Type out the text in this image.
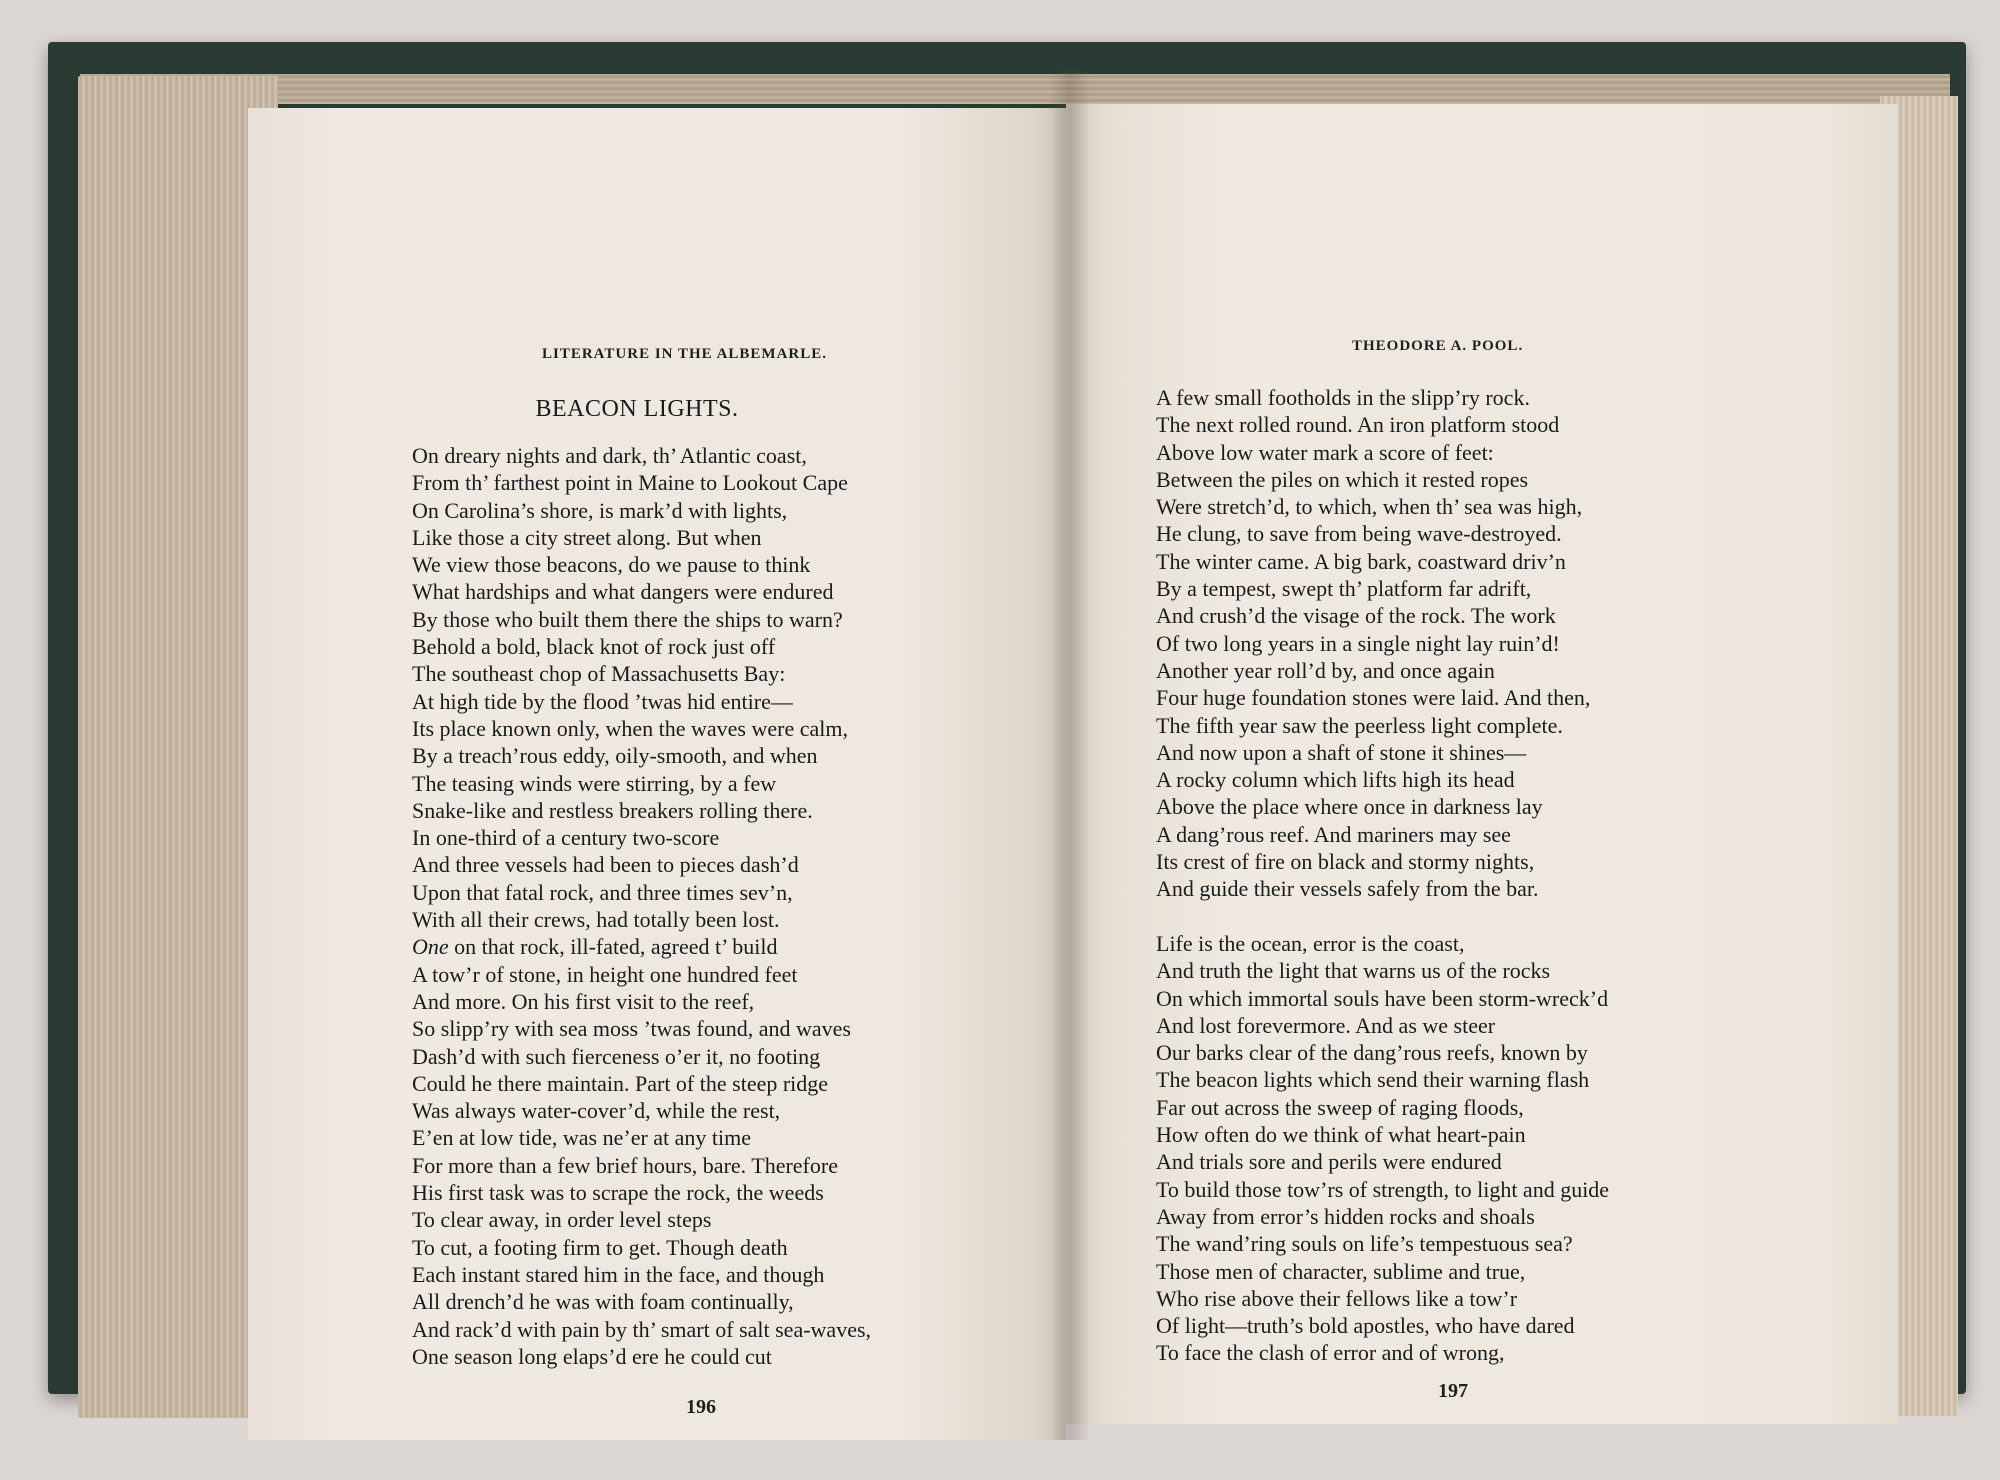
LITERATURE IN THE ALBEMARLE.
BEACON LIGHTS.
On dreary nights and dark, th’ Atlantic coast,
From th’ farthest point in Maine to Lookout Cape
On Carolina’s shore, is mark’d with lights,
Like those a city street along. But when
We view those beacons, do we pause to think
What hardships and what dangers were endured
By those who built them there the ships to warn?
Behold a bold, black knot of rock just off
The southeast chop of Massachusetts Bay:
At high tide by the flood ’twas hid entire—
Its place known only, when the waves were calm,
By a treach’rous eddy, oily-smooth, and when
The teasing winds were stirring, by a few
Snake-like and restless breakers rolling there.
In one-third of a century two-score
And three vessels had been to pieces dash’d
Upon that fatal rock, and three times sev’n,
With all their crews, had totally been lost.
One on that rock, ill-fated, agreed t’ build
A tow’r of stone, in height one hundred feet
And more. On his first visit to the reef,
So slipp’ry with sea moss ’twas found, and waves
Dash’d with such fierceness o’er it, no footing
Could he there maintain. Part of the steep ridge
Was always water-cover’d, while the rest,
E’en at low tide, was ne’er at any time
For more than a few brief hours, bare. Therefore
His first task was to scrape the rock, the weeds
To clear away, in order level steps
To cut, a footing firm to get. Though death
Each instant stared him in the face, and though
All drench’d he was with foam continually,
And rack’d with pain by th’ smart of salt sea-waves,
One season long elaps’d ere he could cut
196
THEODORE A. POOL.
A few small footholds in the slipp’ry rock.
The next rolled round. An iron platform stood
Above low water mark a score of feet:
Between the piles on which it rested ropes
Were stretch’d, to which, when th’ sea was high,
He clung, to save from being wave-destroyed.
The winter came. A big bark, coastward driv’n
By a tempest, swept th’ platform far adrift,
And crush’d the visage of the rock. The work
Of two long years in a single night lay ruin’d!
Another year roll’d by, and once again
Four huge foundation stones were laid. And then,
The fifth year saw the peerless light complete.
And now upon a shaft of stone it shines—
A rocky column which lifts high its head
Above the place where once in darkness lay
A dang’rous reef. And mariners may see
Its crest of fire on black and stormy nights,
And guide their vessels safely from the bar.
Life is the ocean, error is the coast,
And truth the light that warns us of the rocks
On which immortal souls have been storm-wreck’d
And lost forevermore. And as we steer
Our barks clear of the dang’rous reefs, known by
The beacon lights which send their warning flash
Far out across the sweep of raging floods,
How often do we think of what heart-pain
And trials sore and perils were endured
To build those tow’rs of strength, to light and guide
Away from error’s hidden rocks and shoals
The wand’ring souls on life’s tempestuous sea?
Those men of character, sublime and true,
Who rise above their fellows like a tow’r
Of light—truth’s bold apostles, who have dared
To face the clash of error and of wrong,
197
